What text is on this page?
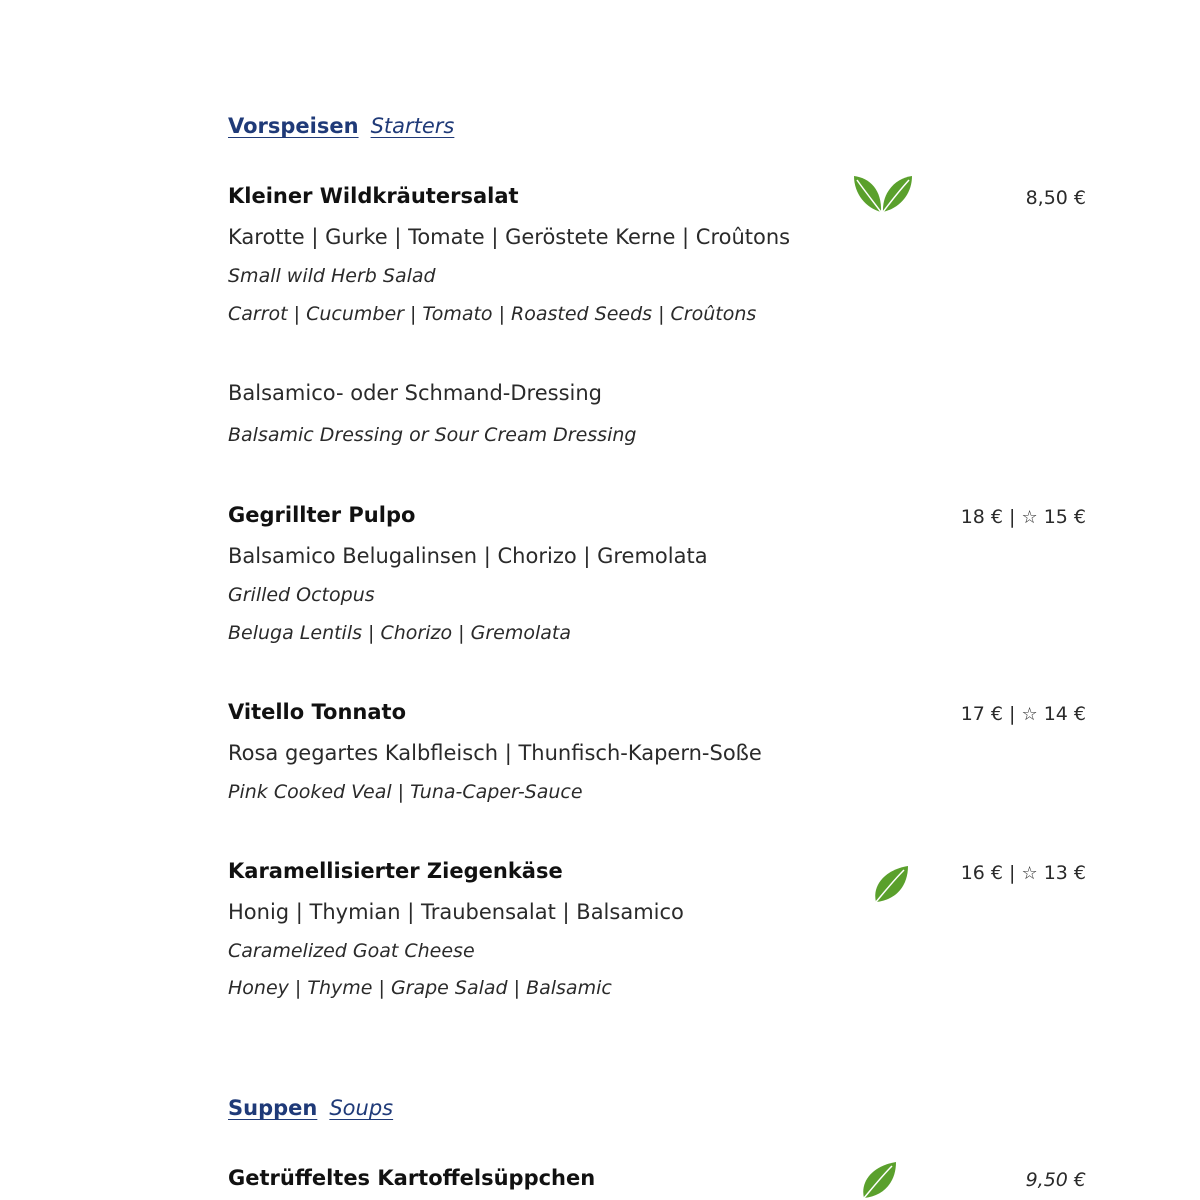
Vorspeisen Starters
Kleiner Wildkräutersalat	8,50 €
Karotte | Gurke | Tomate | Geröstete Kerne | Croûtons
Small wild Herb Salad
Carrot | Cucumber | Tomato | Roasted Seeds | Croûtons
Balsamico- oder Schmand-Dressing
Balsamic Dressing or Sour Cream Dressing
Gegrillter Pulpo	18 € | ☆ 15 €
Balsamico Belugalinsen | Chorizo | Gremolata
Grilled Octopus
Beluga Lentils | Chorizo | Gremolata
Vitello Tonnato	17 € | ☆ 14 €
Rosa gegartes Kalbfleisch | Thunfisch-Kapern-Soße
Pink Cooked Veal | Tuna-Caper-Sauce
Karamellisierter Ziegenkäse	16 € | ☆ 13 €
Honig | Thymian | Traubensalat | Balsamico
Caramelized Goat Cheese
Honey | Thyme | Grape Salad | Balsamic
Suppen Soups
Getrüffeltes Kartoffelsüppchen	9,50 €
